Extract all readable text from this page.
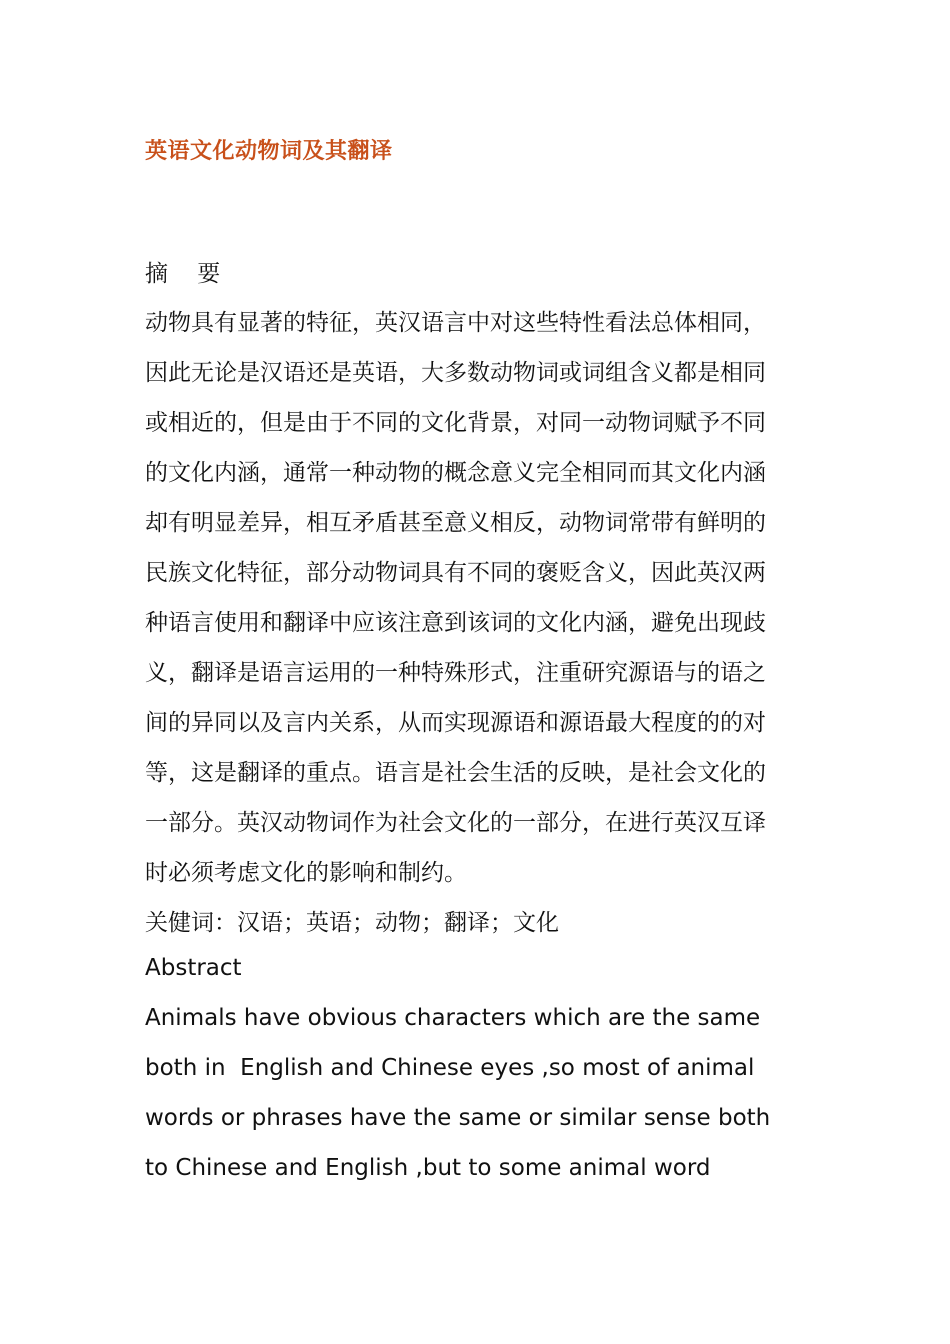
英语文化动物词及其翻译
摘    要
动物具有显著的特征，英汉语言中对这些特性看法总体相同，
因此无论是汉语还是英语，大多数动物词或词组含义都是相同
或相近的，但是由于不同的文化背景，对同一动物词赋予不同
的文化内涵，通常一种动物的概念意义完全相同而其文化内涵
却有明显差异，相互矛盾甚至意义相反，动物词常带有鲜明的
民族文化特征，部分动物词具有不同的褒贬含义，因此英汉两
种语言使用和翻译中应该注意到该词的文化内涵，避免出现歧
义，翻译是语言运用的一种特殊形式，注重研究源语与的语之
间的异同以及言内关系，从而实现源语和源语最大程度的的对
等，这是翻译的重点。语言是社会生活的反映，是社会文化的
一部分。英汉动物词作为社会文化的一部分，在进行英汉互译
时必须考虑文化的影响和制约。
关健词：汉语；英语；动物；翻译；文化
Abstract
Animals have obvious characters which are the same
both in  English and Chinese eyes ,so most of animal
words or phrases have the same or similar sense both
to Chinese and English ,but to some animal word
